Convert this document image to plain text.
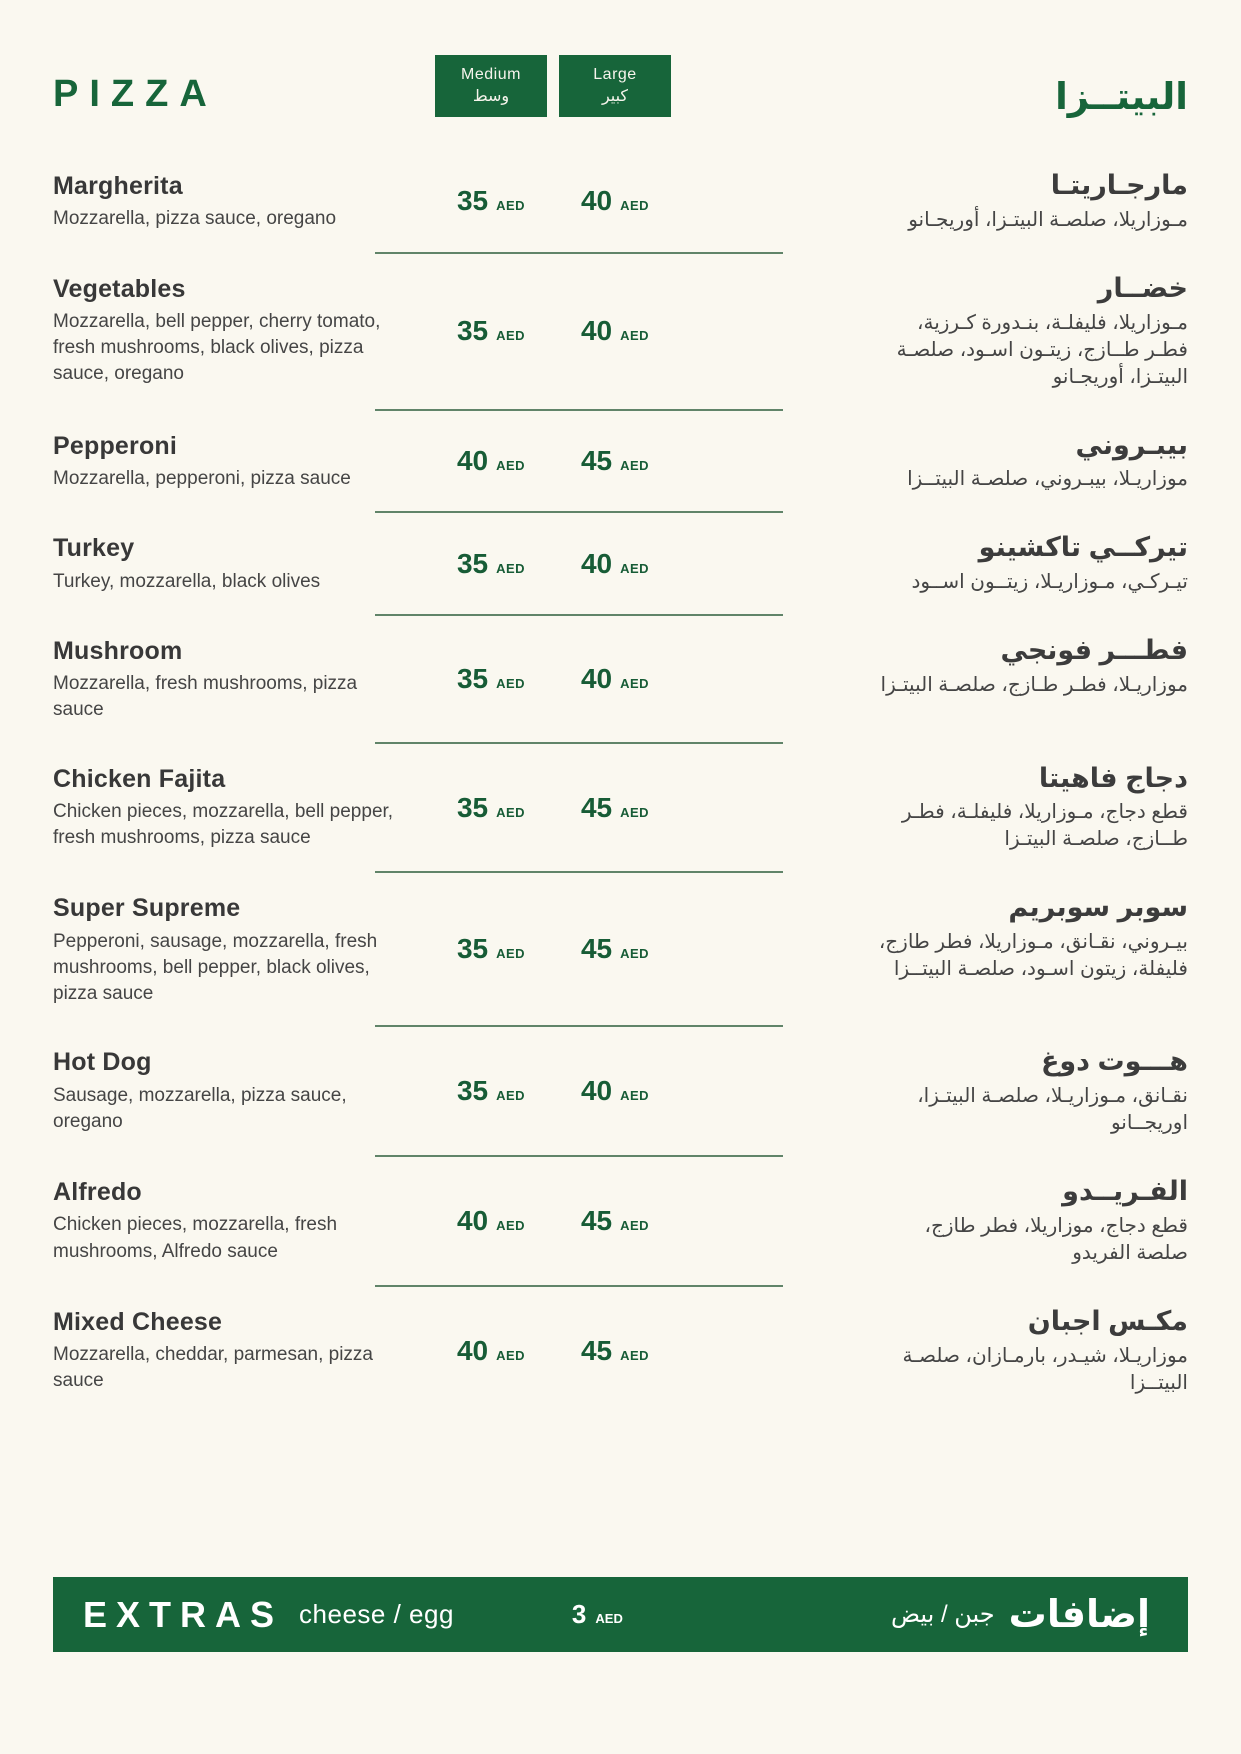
PIZZA	Medium
وسط
Large
كبير	البيتــزا
Margherita
Mozzarella, pizza sauce, oregano
35 AED 40 AED
مارجـاريتـا
مـوزاريلا، صلصـة البيتـزا، أوريجـانو
Vegetables
Mozzarella, bell pepper, cherry tomato, fresh mushrooms, black olives, pizza sauce, oregano
35 AED 40 AED
خضــار
مـوزاريلا، فليفلـة، بنـدورة كـرزية، فطـر طــازج، زيتـون اسـود، صلصـة البيتـزا، أوريجـانو
Pepperoni
Mozzarella, pepperoni, pizza sauce
40 AED 45 AED
بيبـروني
موزاريـلا، بيبـروني، صلصـة البيتــزا
Turkey
Turkey, mozzarella, black olives
35 AED 40 AED
تيركــي تاكشينو
تيـركـي، مـوزاريـلا، زيتــون اســود
Mushroom
Mozzarella, fresh mushrooms, pizza sauce
35 AED 40 AED
فطـــر فونجي
موزاريـلا، فطـر طـازج، صلصـة البيتـزا
Chicken Fajita
Chicken pieces, mozzarella, bell pepper, fresh mushrooms, pizza sauce
35 AED 45 AED
دجاج فاهيتا
قطع دجاج، مـوزاريلا، فليفلـة، فطـر طــازج، صلصـة البيتـزا
Super Supreme
Pepperoni, sausage, mozzarella, fresh mushrooms, bell pepper, black olives, pizza sauce
35 AED 45 AED
سوبر سوبريم
بيـروني، نقـانق، مـوزاريلا، فطر طازج، فليفلة، زيتون اسـود، صلصـة البيتــزا
Hot Dog
Sausage, mozzarella, pizza sauce, oregano
35 AED 40 AED
هـــوت دوغ
نقـانق، مـوزاريـلا، صلصـة البيتـزا، اوريجــانو
Alfredo
Chicken pieces, mozzarella, fresh mushrooms, Alfredo sauce
40 AED 45 AED
الفـريــدو
قطع دجاج، موزاريلا، فطر طازج، صلصة الفريدو
Mixed Cheese
Mozzarella, cheddar, parmesan, pizza sauce
40 AED 45 AED
مكـس اجبان
موزاريـلا، شيـدر، بارمـازان، صلصـة البيتــزا
EXTRAS cheese / egg	3 AED	إضافات
جبن / بيض
